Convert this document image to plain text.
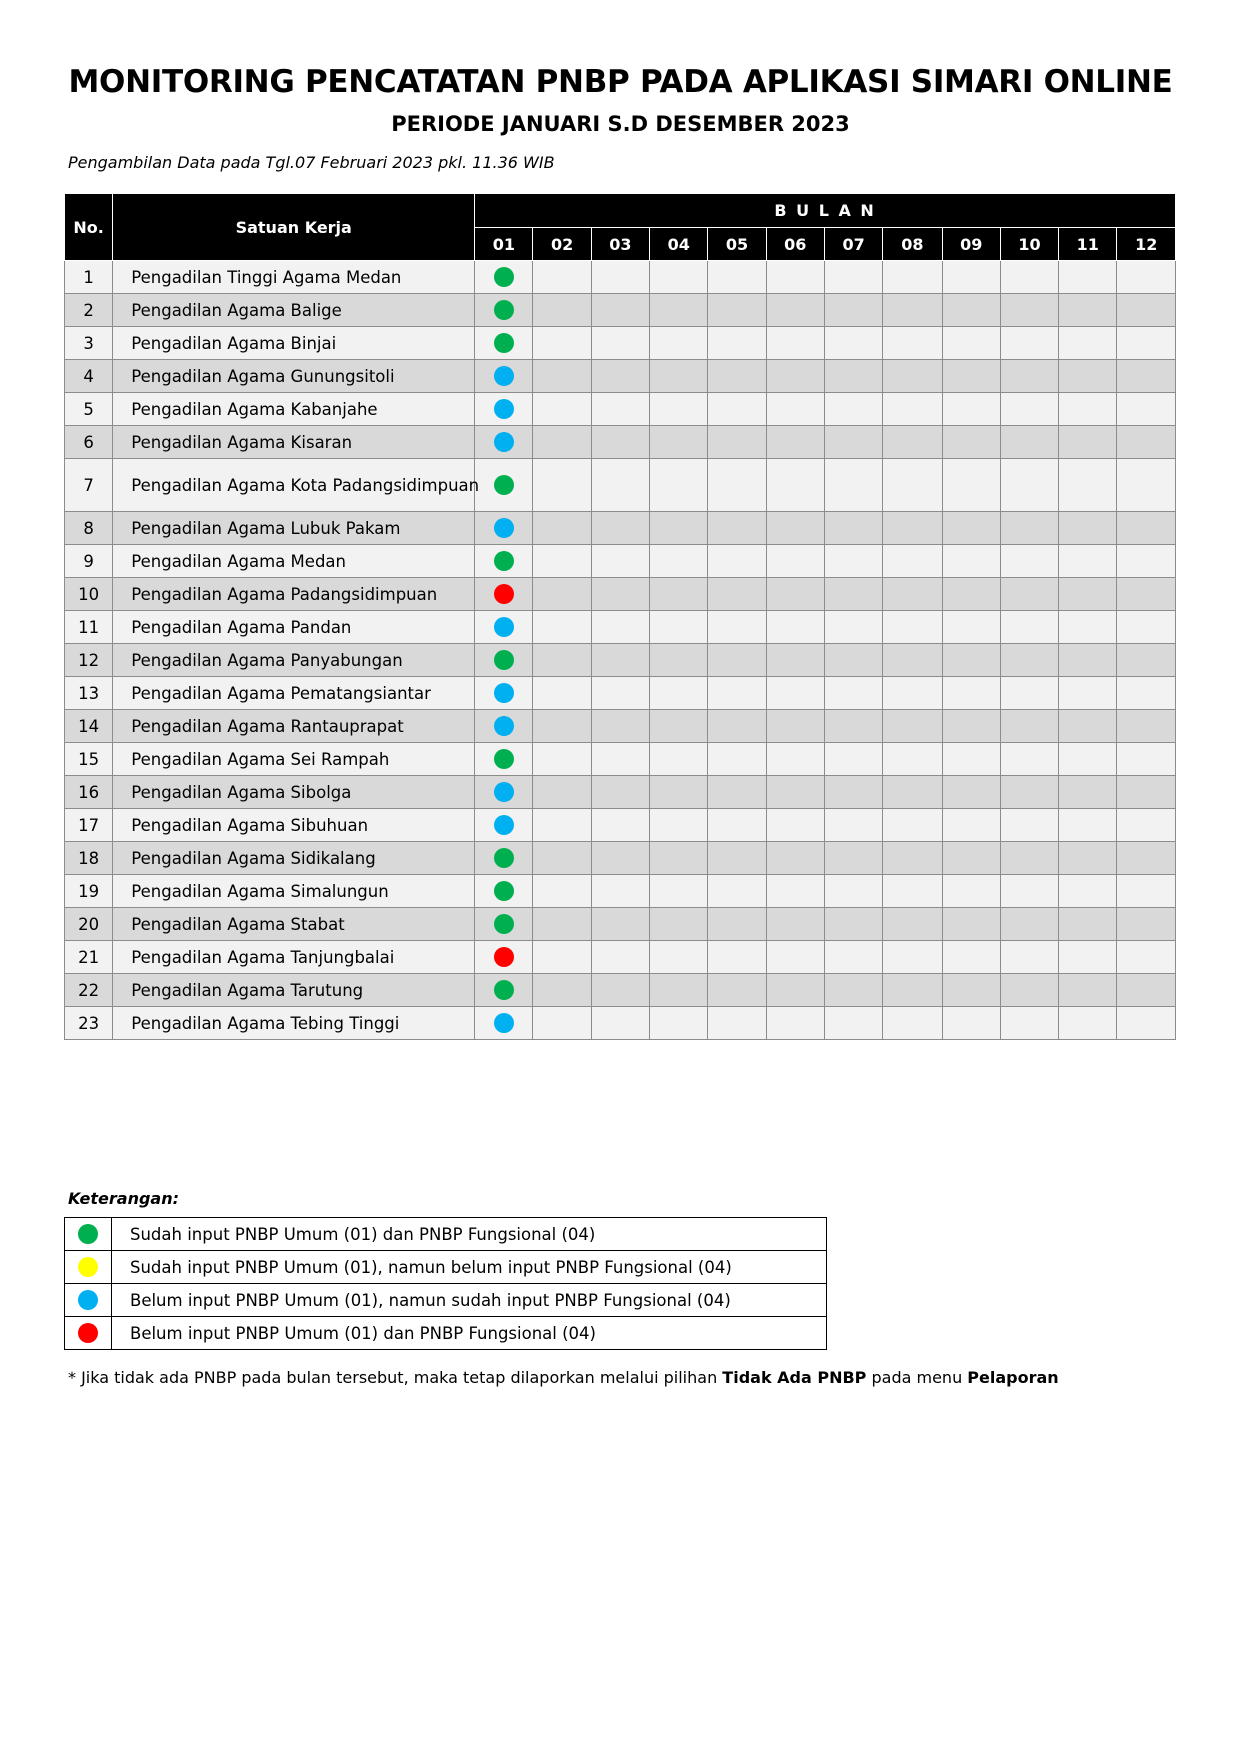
MONITORING PENCATATAN PNBP PADA APLIKASI SIMARI ONLINE
PERIODE JANUARI S.D DESEMBER 2023
Pengambilan Data pada Tgl.07 Februari 2023 pkl. 11.36 WIB
No.	Satuan Kerja	B U L A N											
		01	02	03	04	05	06	07	08	09	10	11	12
1	Pengadilan Tinggi Agama Medan												
2	Pengadilan Agama Balige												
3	Pengadilan Agama Binjai												
4	Pengadilan Agama Gunungsitoli												
5	Pengadilan Agama Kabanjahe												
6	Pengadilan Agama Kisaran												
7	Pengadilan Agama Kota Padangsidimpuan												
8	Pengadilan Agama Lubuk Pakam												
9	Pengadilan Agama Medan												
10	Pengadilan Agama Padangsidimpuan												
11	Pengadilan Agama Pandan												
12	Pengadilan Agama Panyabungan												
13	Pengadilan Agama Pematangsiantar												
14	Pengadilan Agama Rantauprapat												
15	Pengadilan Agama Sei Rampah												
16	Pengadilan Agama Sibolga												
17	Pengadilan Agama Sibuhuan												
18	Pengadilan Agama Sidikalang												
19	Pengadilan Agama Simalungun												
20	Pengadilan Agama Stabat												
21	Pengadilan Agama Tanjungbalai												
22	Pengadilan Agama Tarutung												
23	Pengadilan Agama Tebing Tinggi												
Keterangan:
	Sudah input PNBP Umum (01) dan PNBP Fungsional (04)
	Sudah input PNBP Umum (01), namun belum input PNBP Fungsional (04)
	Belum input PNBP Umum (01), namun sudah input PNBP Fungsional (04)
	Belum input PNBP Umum (01) dan PNBP Fungsional (04)
* Jika tidak ada PNBP pada bulan tersebut, maka tetap dilaporkan melalui pilihan Tidak Ada PNBP pada menu Pelaporan
